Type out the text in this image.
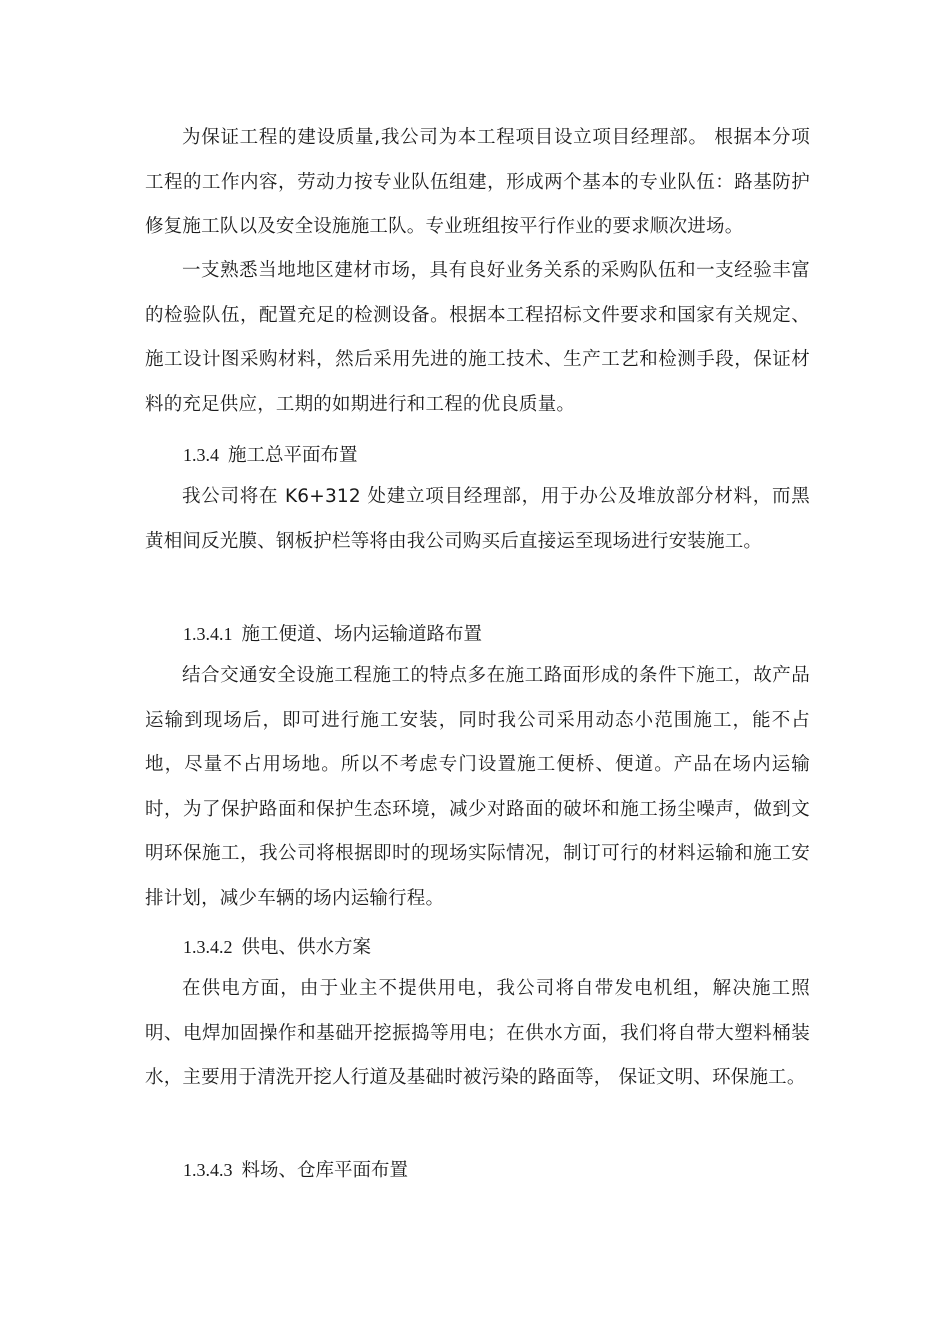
为保证工程的建设质量,我公司为本工程项目设立项目经理部。 根据本分项工程的工作内容，劳动力按专业队伍组建，形成两个基本的专业队伍：路基防护修复施工队以及安全设施施工队。专业班组按平行作业的要求顺次进场。

一支熟悉当地地区建材市场，具有良好业务关系的采购队伍和一支经验丰富的检验队伍，配置充足的检测设备。根据本工程招标文件要求和国家有关规定、施工设计图采购材料，然后采用先进的施工技术、生产工艺和检测手段，保证材料的充足供应，工期的如期进行和工程的优良质量。

1.3.4 施工总平面布置

我公司将在 K6+312 处建立项目经理部，用于办公及堆放部分材料，而黑黄相间反光膜、钢板护栏等将由我公司购买后直接运至现场进行安装施工。

1.3.4.1 施工便道、场内运输道路布置

结合交通安全设施工程施工的特点多在施工路面形成的条件下施工，故产品运输到现场后，即可进行施工安装，同时我公司采用动态小范围施工，能不占地，尽量不占用场地。所以不考虑专门设置施工便桥、便道。产品在场内运输时，为了保护路面和保护生态环境，减少对路面的破坏和施工扬尘噪声，做到文明环保施工，我公司将根据即时的现场实际情况，制订可行的材料运输和施工安排计划，减少车辆的场内运输行程。

1.3.4.2 供电、供水方案

在供电方面，由于业主不提供用电，我公司将自带发电机组，解决施工照明、电焊加固操作和基础开挖振捣等用电；在供水方面，我们将自带大塑料桶装水，主要用于清洗开挖人行道及基础时被污染的路面等， 保证文明、环保施工。

1.3.4.3 料场、仓库平面布置
